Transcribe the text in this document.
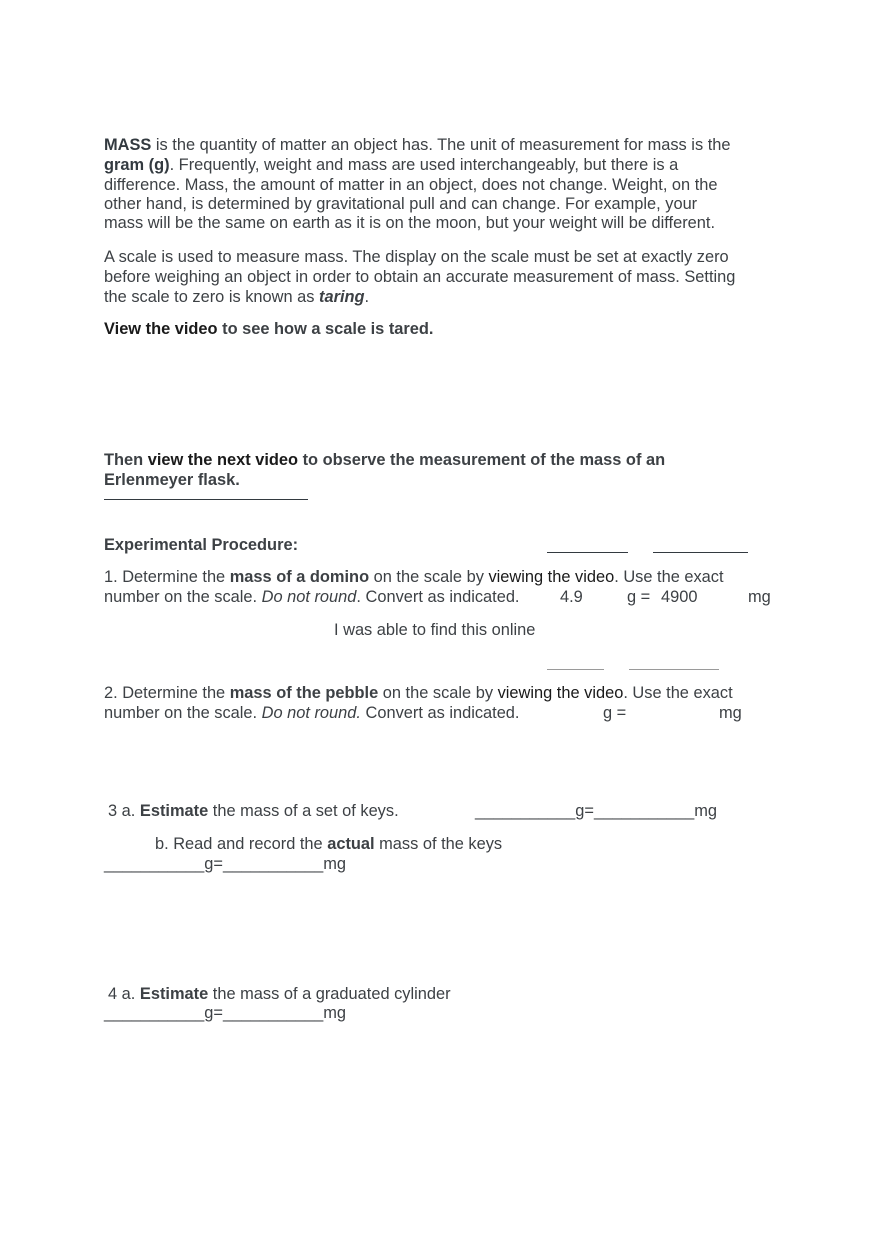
MASS is the quantity of matter an object has. The unit of measurement for mass is the
gram (g). Frequently, weight and mass are used interchangeably, but there is a
difference. Mass, the amount of matter in an object, does not change. Weight, on the
other hand, is determined by gravitational pull and can change. For example, your
mass will be the same on earth as it is on the moon, but your weight will be different.
A scale is used to measure mass. The display on the scale must be set at exactly zero
before weighing an object in order to obtain an accurate measurement of mass. Setting
the scale to zero is known as taring.
View the video to see how a scale is tared.
Then view the next video to observe the measurement of the mass of an
Erlenmeyer flask.
Experimental Procedure:
1. Determine the mass of a domino on the scale by viewing the video. Use the exact
number on the scale. Do not round. Convert as indicated. 4.9	g = 4900	mg
I was able to find this online
2. Determine the mass of the pebble on the scale by viewing the video. Use the exact
number on the scale. Do not round. Convert as indicated.	g =	mg
3 a. Estimate the mass of a set of keys.	___________g=___________mg
b. Read and record the actual mass of the keys
___________g=___________mg
4 a. Estimate the mass of a graduated cylinder
___________g=___________mg
